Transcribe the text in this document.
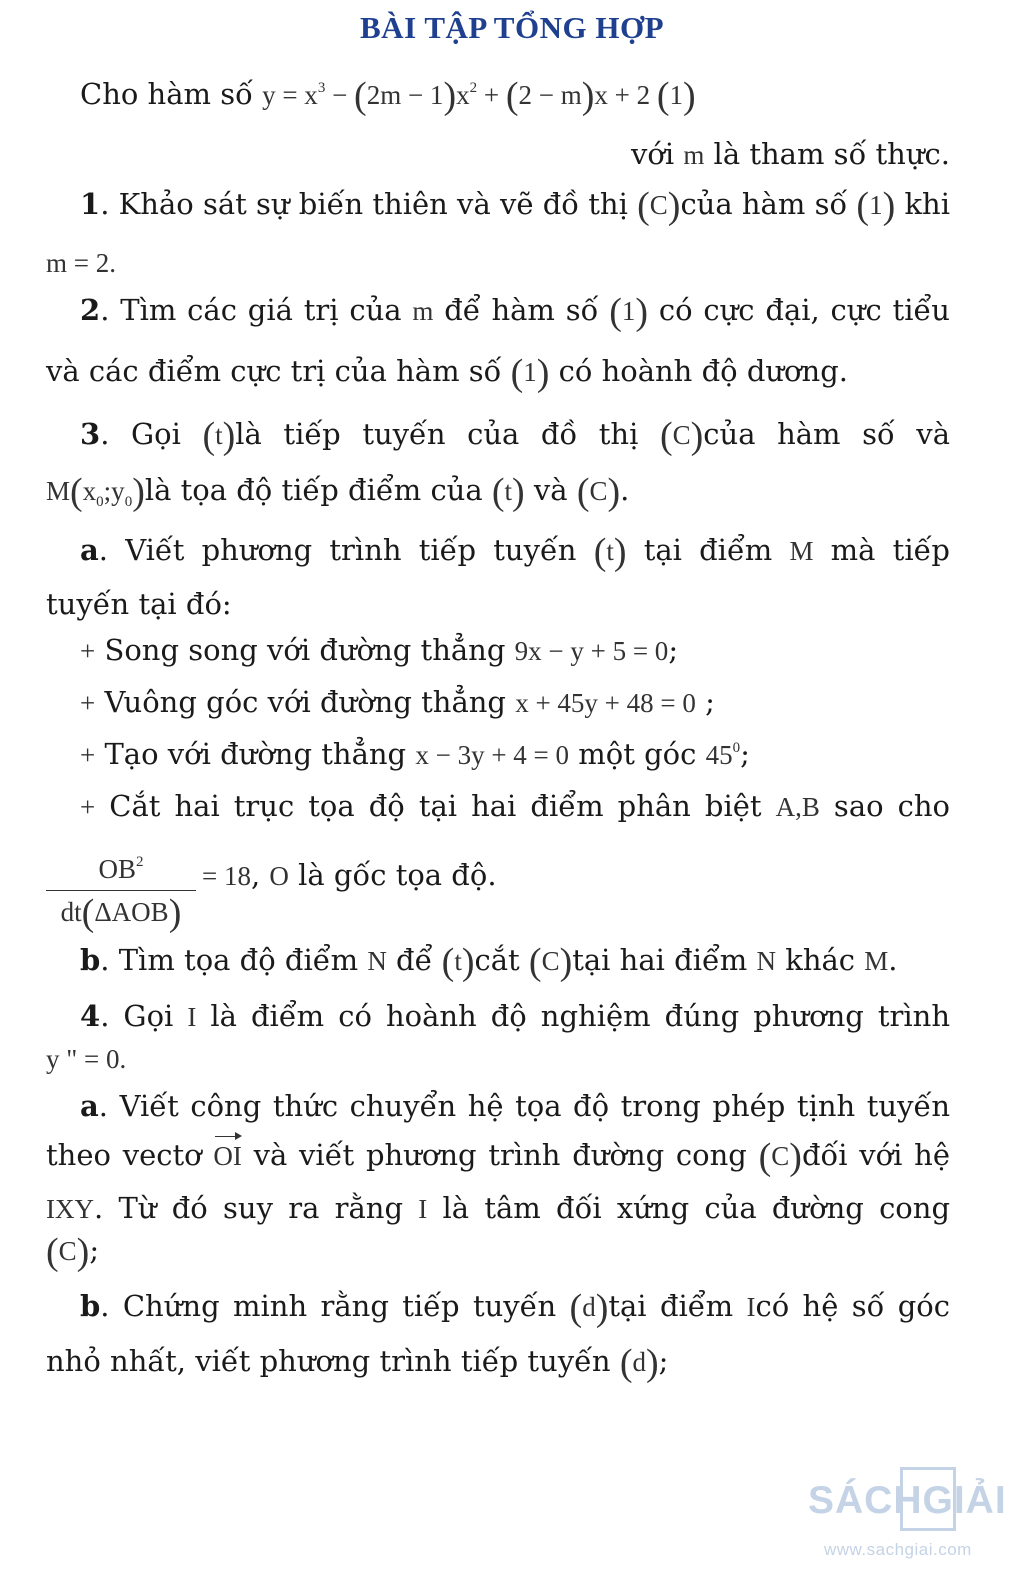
BÀI TẬP TỔNG HỢP
Cho hàm số $y = x^3 - (2m - 1)x^2 + (2 - m)x + 2$ (1)
với m là tham số thực.
1. Khảo sát sự biến thiên và vẽ đồ thị (C)của hàm số (1) khi
m = 2.
2. Tìm các giá trị của m để hàm số (1) có cực đại, cực tiểu
và các điểm cực trị của hàm số (1) có hoành độ dương.
3. Gọi (t)là tiếp tuyến của đồ thị (C)của hàm số và
$M(x_0;y_0)là$ tọa độ tiếp điểm của (t) và (C).
a. Viết phương trình tiếp tuyến (t) tại điểm M mà tiếp
tuyến tại đó:
+ Song song với đường thẳng 9x − y + 5 = 0;
+ Vuông góc với đường thẳng x + 45y + 48 = 0 ;
+ Tạo với đường thẳng x − 3y + 4 = 0 một góc $45^0$;
+ Cắt hai trục tọa độ tại hai điểm phân biệt A,B sao cho
$OB^2$
dt(ΔAOB)
= 18, O là gốc tọa độ.
b. Tìm tọa độ điểm N để (t)cắt (C)tại hai điểm N khác M.
4. Gọi I là điểm có hoành độ nghiệm đúng phương trình
y " = 0.
a. Viết công thức chuyển hệ tọa độ trong phép tịnh tuyến
theo vectơ OI và viết phương trình đường cong (C)đối với hệ
IXY. Từ đó suy ra rằng I là tâm đối xứng của đường cong
(C);
b. Chứng minh rằng tiếp tuyến (d)tại điểm Icó hệ số góc
nhỏ nhất, viết phương trình tiếp tuyến (d);
SÁCHGIẢI
www.sachgiai.com
